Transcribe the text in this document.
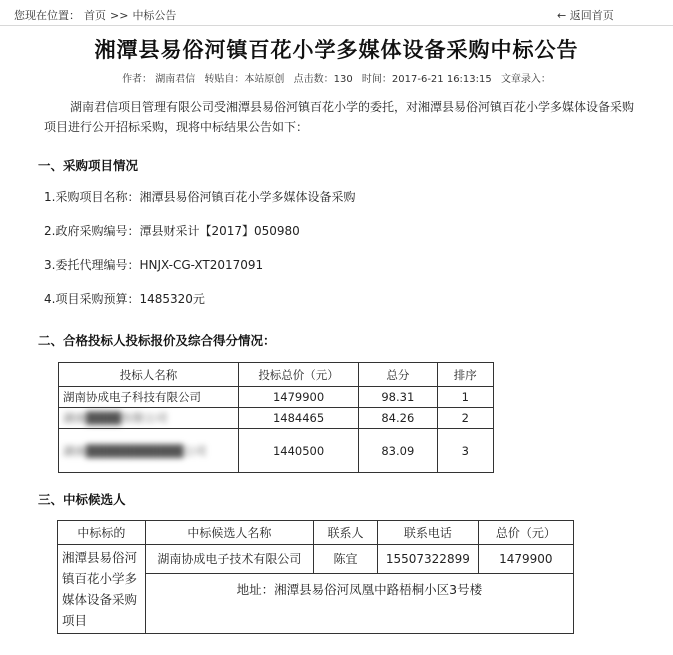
您现在位置： 首页 >> 中标公告	← 返回首页
湘潭县易俗河镇百花小学多媒体设备采购中标公告
作者： 湖南君信 转贴自：本站原创 点击数：130 时间：2017-6-21 16:13:15 文章录入：

湖南君信项目管理有限公司受湘潭县易俗河镇百花小学的委托，对湘潭县易俗河镇百花小学多媒体设备采购项目进行公开招标采购，现将中标结果公告如下：

一、采购项目情况
1.采购项目名称：湘潭县易俗河镇百花小学多媒体设备采购
2.政府采购编号：潭县财采计【2017】050980
3.委托代理编号：HNJX-CG-XT2017091
4.项目采购预算：1485320元
二、合格投标人投标报价及综合得分情况：
投标人名称	投标总价（元）	总分	排序
湖南协成电子科技有限公司	1479900	98.31	1
湖南████有限公司	1484465	84.26	2
湖南███████████公司	1440500	83.09	3
三、中标候选人
中标标的	中标候选人名称	联系人	联系电话	总价（元）
湘潭县易俗河镇百花小学多媒体设备采购项目	湖南协成电子技术有限公司	陈宜	15507322899	1479900
	地址：湘潭县易俗河凤凰中路梧桐小区3号楼			
